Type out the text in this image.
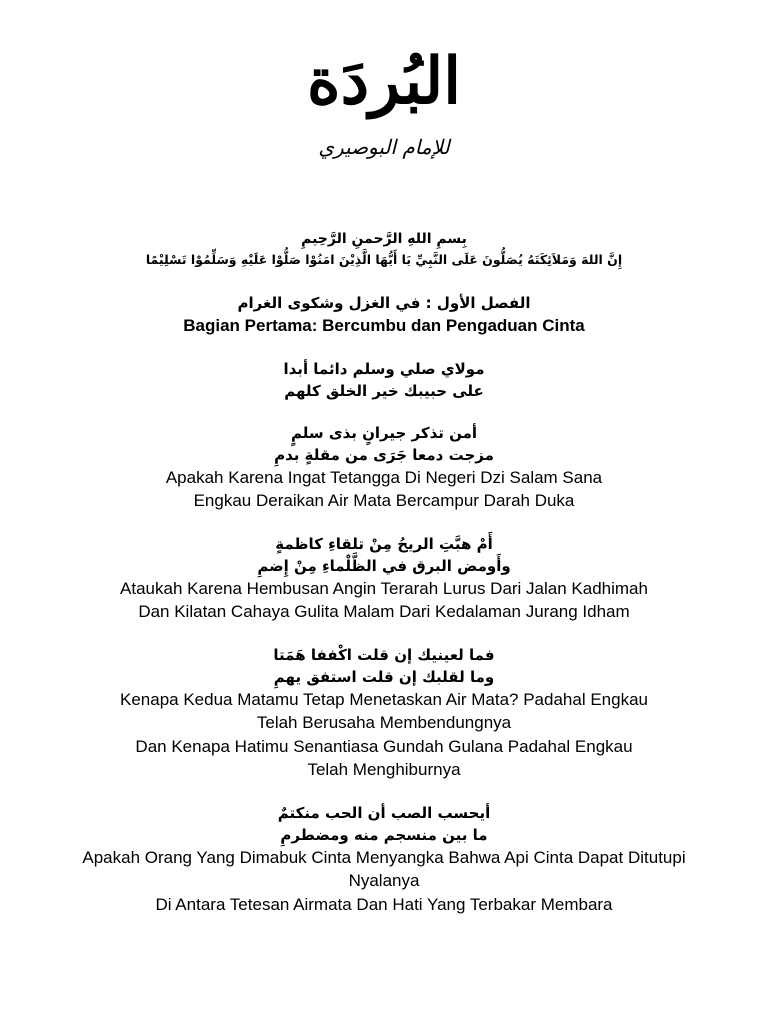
البُردَة
للإمام البوصيري
بِسمِ اللهِ الرَّحمنِ الرَّحِيمِ
إِنَّ اللهَ وَمَلاَئِكَتَهُ يُصَلُّونَ عَلَى النَّبِيِّ يَا أَيُّهَا الَّذِيْنَ امَنُوْا صَلُّوْا عَلَيْهِ وَسَلِّمُوْا تَسْلِيْمًا
الفصل الأول : في الغزل وشكوى الغرام
Bagian Pertama: Bercumbu dan Pengaduan Cinta
مولاي صلي وسلم دائما أبدا
على حبيبك خير الخلق كلهم
أمن تذكر جيرانٍ بذى سلمٍ
مزجت دمعا جَرَى من مقلةٍ بدمِ
Apakah Karena Ingat Tetangga Di Negeri Dzi Salam Sana
Engkau Deraikan Air Mata Bercampur Darah Duka
أَمْ هبَّتِ الريحُ مِنْ تلقاءِ كاظمةٍ
وأَومض البرق في الظَّلْماءِ مِنْ إِضمِ
Ataukah Karena Hembusan Angin Terarah Lurus Dari Jalan Kadhimah
Dan Kilatan Cahaya Gulita Malam Dari Kedalaman Jurang Idham
فما لعينيك إن قلت اكْففا هَمَتا
وما لقلبك إن قلت استفق يهمِ
Kenapa Kedua Matamu Tetap Menetaskan Air Mata? Padahal Engkau
Telah Berusaha Membendungnya
Dan Kenapa Hatimu Senantiasa Gundah Gulana Padahal Engkau
Telah Menghiburnya
أيحسب الصب أن الحب منكتمٌ
ما بين منسجم منه ومضطرمِ
Apakah Orang Yang Dimabuk Cinta Menyangka Bahwa Api Cinta Dapat Ditutupi
Nyalanya
Di Antara Tetesan Airmata Dan Hati Yang Terbakar Membara
